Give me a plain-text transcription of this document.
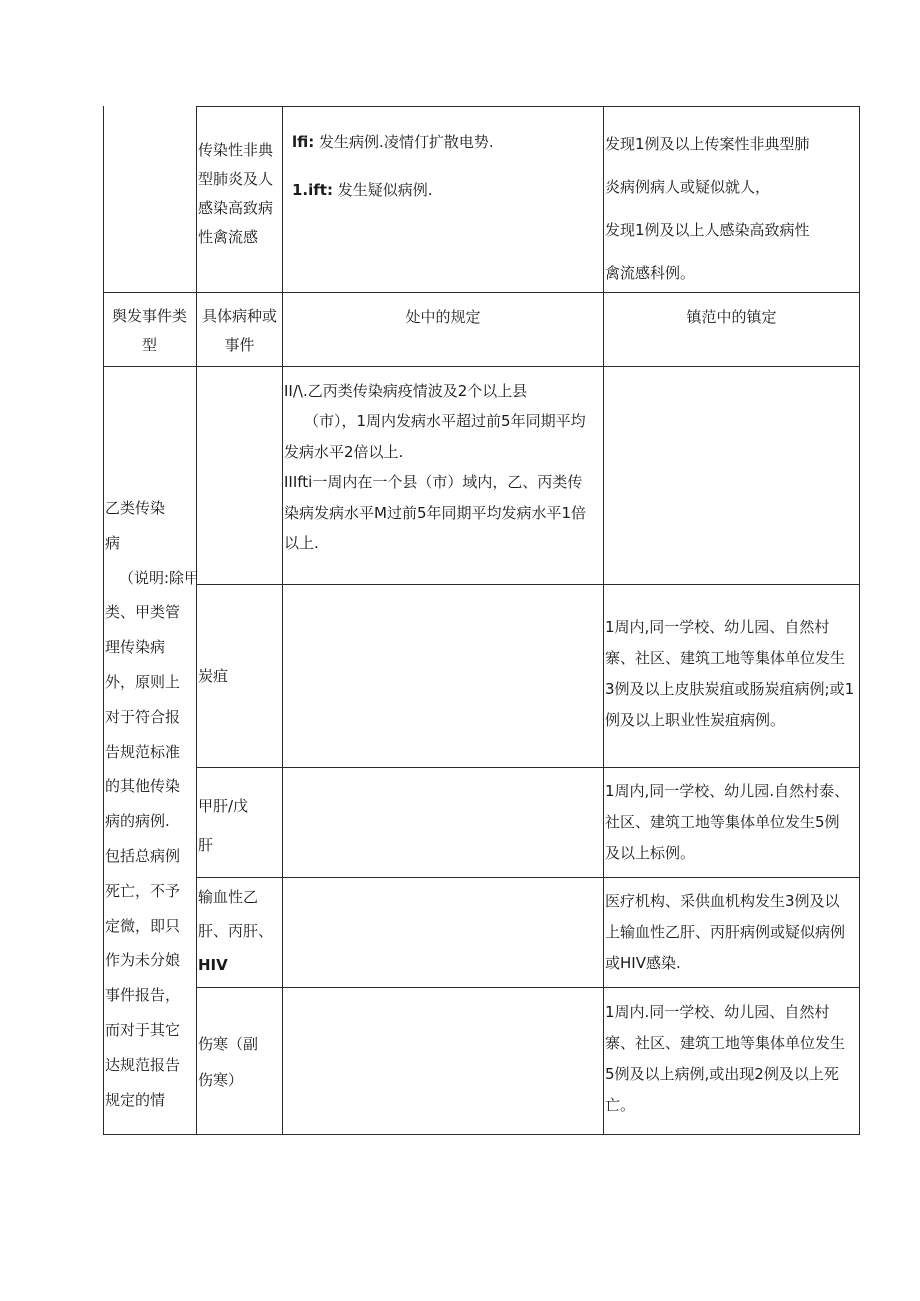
传染性非典
型肺炎及人
感染高致病
性禽流感
lfi: 发生病例.凌情仃扩散电势.
1.ift: 发生疑似病例.
发现1例及以上传案性非典型肺
炎病例病人或疑似就人，
发现1例及以上人感染高致病性
禽流感科例。
舆发事件类
型
具体病种或
事件
处中的规定	镇范中的镇定
乙类传染
病
（说明:除甲
类、甲类管
理传染病
外，原则上
对于符合报
告规范标准
的其他传染
病的病例.
包括总病例
死亡，不予
定微，即只
作为未分娘
事件报告，
而对于其它
达规范报告
规定的情
II/\.乙丙类传染病疫情波及2个以上县
（市），1周内发病水平超过前5年同期平均
发病水平2倍以上.
IIIfti一周内在一个县（市）域内，乙、丙类传
染病发病水平M过前5年同期平均发病水平1倍
以上.
炭疽
1周内,同一学校、幼儿园、自然村
寨、社区、建筑工地等集体单位发生
3例及以上皮肤炭疽或肠炭疽病例;或1
例及以上职业性炭疽病例。
甲肝/戊
肝
1周内,同一学校、幼儿园.自然村泰、
社区、建筑工地等集体单位发生5例
及以上标例。
输血性乙
肝、丙肝、
HIV
医疗机构、采供血机构发生3例及以
上输血性乙肝、丙肝病例或疑似病例
或HIV感染.
伤寒（副
伤寒）
1周内.同一学校、幼儿园、自然村
寨、社区、建筑工地等集体单位发生
5例及以上病例,或出现2例及以上死
亡。
